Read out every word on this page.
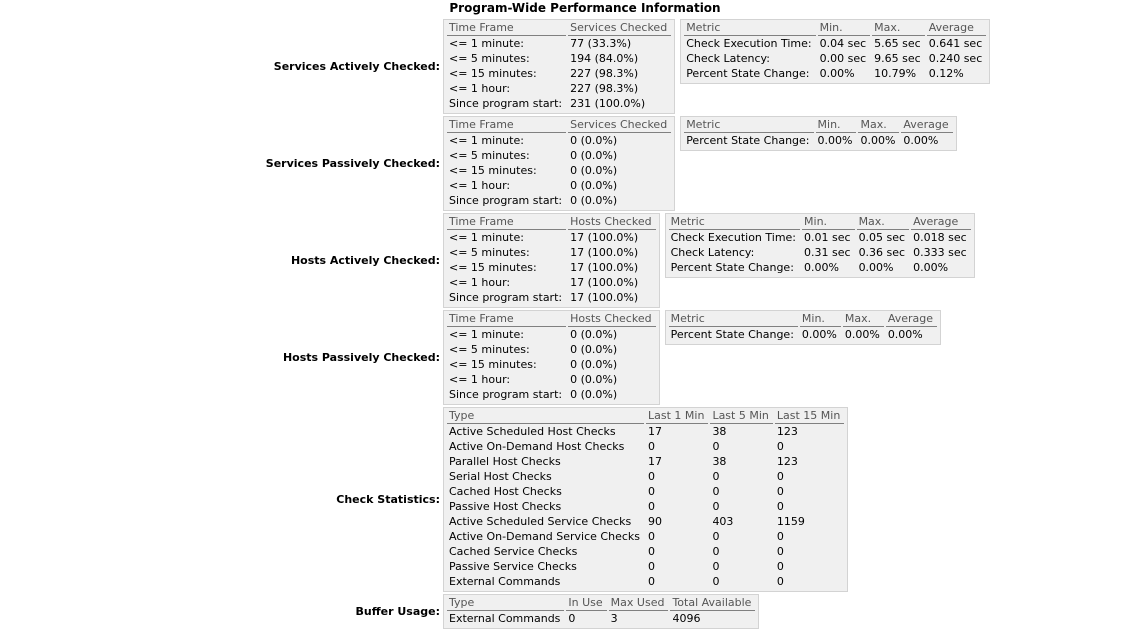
Program-Wide Performance Information
Services Actively Checked:
Time Frame	Services Checked
<= 1 minute:	77 (33.3%)
<= 5 minutes:	194 (84.0%)
<= 15 minutes:	227 (98.3%)
<= 1 hour:	227 (98.3%)
Since program start:	231 (100.0%)
Metric	Min.	Max.	Average
Check Execution Time:	0.04 sec	5.65 sec	0.641 sec
Check Latency:	0.00 sec	9.65 sec	0.240 sec
Percent State Change:	0.00%	10.79%	0.12%
Services Passively Checked:
Time Frame	Services Checked
<= 1 minute:	0 (0.0%)
<= 5 minutes:	0 (0.0%)
<= 15 minutes:	0 (0.0%)
<= 1 hour:	0 (0.0%)
Since program start:	0 (0.0%)
Metric	Min.	Max.	Average
Percent State Change:	0.00%	0.00%	0.00%
Hosts Actively Checked:
Time Frame	Hosts Checked
<= 1 minute:	17 (100.0%)
<= 5 minutes:	17 (100.0%)
<= 15 minutes:	17 (100.0%)
<= 1 hour:	17 (100.0%)
Since program start:	17 (100.0%)
Metric	Min.	Max.	Average
Check Execution Time:	0.01 sec	0.05 sec	0.018 sec
Check Latency:	0.31 sec	0.36 sec	0.333 sec
Percent State Change:	0.00%	0.00%	0.00%
Hosts Passively Checked:
Time Frame	Hosts Checked
<= 1 minute:	0 (0.0%)
<= 5 minutes:	0 (0.0%)
<= 15 minutes:	0 (0.0%)
<= 1 hour:	0 (0.0%)
Since program start:	0 (0.0%)
Metric	Min.	Max.	Average
Percent State Change:	0.00%	0.00%	0.00%
Check Statistics:
Type	Last 1 Min	Last 5 Min	Last 15 Min
Active Scheduled Host Checks	17	38	123
Active On-Demand Host Checks	0	0	0
Parallel Host Checks	17	38	123
Serial Host Checks	0	0	0
Cached Host Checks	0	0	0
Passive Host Checks	0	0	0
Active Scheduled Service Checks	90	403	1159
Active On-Demand Service Checks	0	0	0
Cached Service Checks	0	0	0
Passive Service Checks	0	0	0
External Commands	0	0	0
Buffer Usage:
Type	In Use	Max Used	Total Available
External Commands	0	3	4096
